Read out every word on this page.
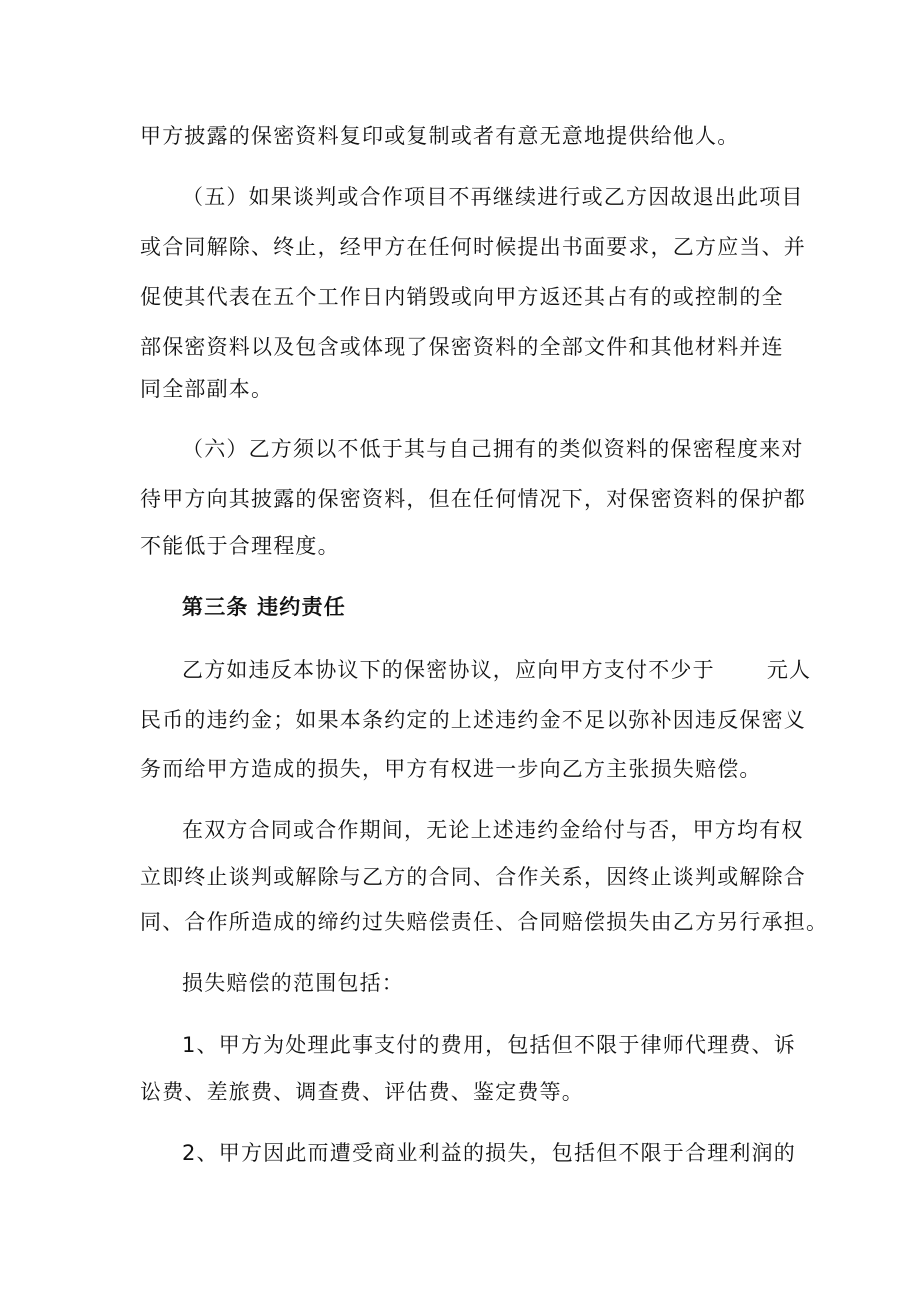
甲方披露的保密资料复印或复制或者有意无意地提供给他人。
（五）如果谈判或合作项目不再继续进行或乙方因故退出此项目
或合同解除、终止，经甲方在任何时候提出书面要求，乙方应当、并
促使其代表在五个工作日内销毁或向甲方返还其占有的或控制的全
部保密资料以及包含或体现了保密资料的全部文件和其他材料并连
同全部副本。
（六）乙方须以不低于其与自己拥有的类似资料的保密程度来对
待甲方向其披露的保密资料，但在任何情况下，对保密资料的保护都
不能低于合理程度。
第三条 违约责任
乙方如违反本协议下的保密协议，应向甲方支付不少于 元人
民币的违约金；如果本条约定的上述违约金不足以弥补因违反保密义
务而给甲方造成的损失，甲方有权进一步向乙方主张损失赔偿。
在双方合同或合作期间，无论上述违约金给付与否，甲方均有权
立即终止谈判或解除与乙方的合同、合作关系，因终止谈判或解除合
同、合作所造成的缔约过失赔偿责任、合同赔偿损失由乙方另行承担。
损失赔偿的范围包括：
1、甲方为处理此事支付的费用，包括但不限于律师代理费、诉
讼费、差旅费、调查费、评估费、鉴定费等。
2、甲方因此而遭受商业利益的损失，包括但不限于合理利润的
